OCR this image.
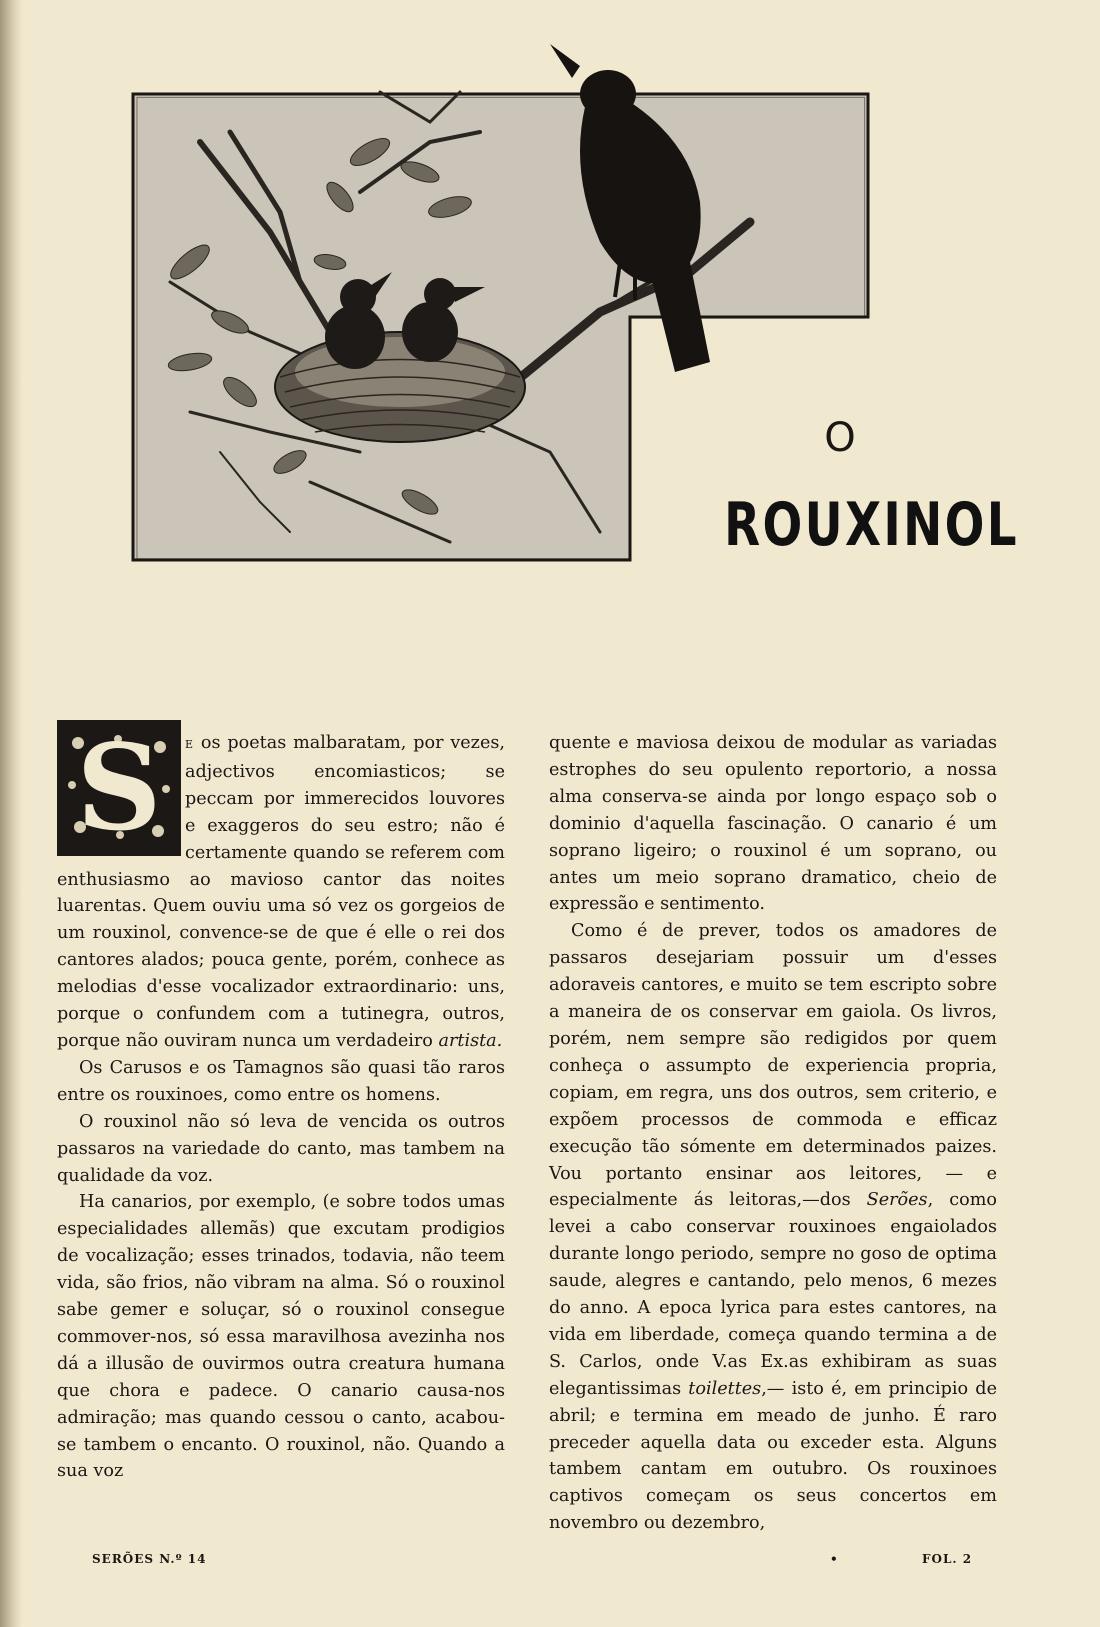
O
ROUXINOL
S	E os poetas malbaratam, por vezes, adjectivos encomiasticos; se peccam por immerecidos louvores e exaggeros do seu estro; não é certamente quando se referem com enthusiasmo ao mavioso cantor das noites luarentas. Quem ouviu uma só vez os gorgeios de um rouxinol, convence-se de que é elle o rei dos cantores alados; pouca gente, porém, conhece as melodias d'esse vocalizador extraordinario: uns, porque o confundem com a tutinegra, outros, porque não ouviram nunca um verdadeiro artista.

Os Carusos e os Tamagnos são quasi tão raros entre os rouxinoes, como entre os homens.

O rouxinol não só leva de vencida os outros passaros na variedade do canto, mas tambem na qualidade da voz.

Ha canarios, por exemplo, (e sobre todos umas especialidades allemãs) que excutam prodigios de vocalização; esses trinados, todavia, não teem vida, são frios, não vibram na alma. Só o rouxinol sabe gemer e soluçar, só o rouxinol consegue commover-nos, só essa maravilhosa avezinha nos dá a illusão de ouvirmos outra creatura humana que chora e padece. O canario causa-nos admiração; mas quando cessou o canto, acabou-se tambem o encanto. O rouxinol, não. Quando a sua voz

quente e maviosa deixou de modular as variadas estrophes do seu opulento reportorio, a nossa alma conserva-se ainda por longo espaço sob o dominio d'aquella fascinação. O canario é um soprano ligeiro; o rouxinol é um soprano, ou antes um meio soprano dramatico, cheio de expressão e sentimento.

Como é de prever, todos os amadores de passaros desejariam possuir um d'esses adoraveis cantores, e muito se tem escripto sobre a maneira de os conservar em gaiola. Os livros, porém, nem sempre são redigidos por quem conheça o assumpto de experiencia propria, copiam, em regra, uns dos outros, sem criterio, e expõem processos de commoda e efficaz execução tão sómente em determinados paizes. Vou portanto ensinar aos leitores, — e especialmente ás leitoras,—dos Serões, como levei a cabo conservar rouxinoes engaiolados durante longo periodo, sempre no goso de optima saude, alegres e cantando, pelo menos, 6 mezes do anno. A epoca lyrica para estes cantores, na vida em liberdade, começa quando termina a de S. Carlos, onde V.as Ex.as exhibiram as suas elegantissimas toilettes,— isto é, em principio de abril; e termina em meado de junho. É raro preceder aquella data ou exceder esta. Alguns tambem cantam em outubro. Os rouxinoes captivos começam os seus concertos em novembro ou dezembro,

SERÕES N.º 14	•	FOL. 2
